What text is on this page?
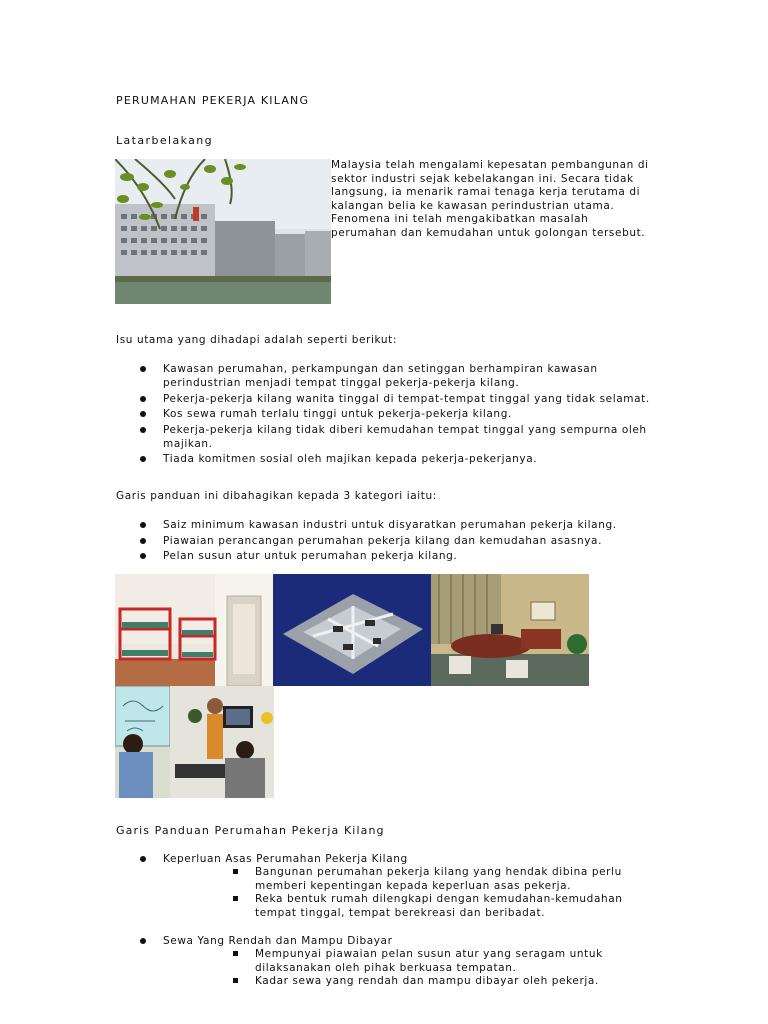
PERUMAHAN PEKERJA KILANG
Latarbelakang
Malaysia telah mengalami kepesatan pembangunan di sektor industri sejak kebelakangan ini. Secara tidak langsung, ia menarik ramai tenaga kerja terutama di kalangan belia ke kawasan perindustrian utama. Fenomena ini telah mengakibatkan masalah perumahan dan kemudahan untuk golongan tersebut.
Isu utama yang dihadapi adalah seperti berikut:
Kawasan perumahan, perkampungan dan setinggan berhampiran kawasan perindustrian menjadi tempat tinggal pekerja-pekerja kilang.
Pekerja-pekerja kilang wanita tinggal di tempat-tempat tinggal yang tidak selamat.
Kos sewa rumah terlalu tinggi untuk pekerja-pekerja kilang.
Pekerja-pekerja kilang tidak diberi kemudahan tempat tinggal yang sempurna oleh majikan.
Tiada komitmen sosial oleh majikan kepada pekerja-pekerjanya.
Garis panduan ini dibahagikan kepada 3 kategori iaitu:
Saiz minimum kawasan industri untuk disyaratkan perumahan pekerja kilang.
Piawaian perancangan perumahan pekerja kilang dan kemudahan asasnya.
Pelan susun atur untuk perumahan pekerja kilang.
Garis Panduan Perumahan Pekerja Kilang
Keperluan Asas Perumahan Pekerja Kilang
Bangunan perumahan pekerja kilang yang hendak dibina perlu memberi kepentingan kepada keperluan asas pekerja.
Reka bentuk rumah dilengkapi dengan kemudahan-kemudahan tempat tinggal, tempat berekreasi dan beribadat.
Sewa Yang Rendah dan Mampu Dibayar
Mempunyai piawaian pelan susun atur yang seragam untuk dilaksanakan oleh pihak berkuasa tempatan.
Kadar sewa yang rendah dan mampu dibayar oleh pekerja.
